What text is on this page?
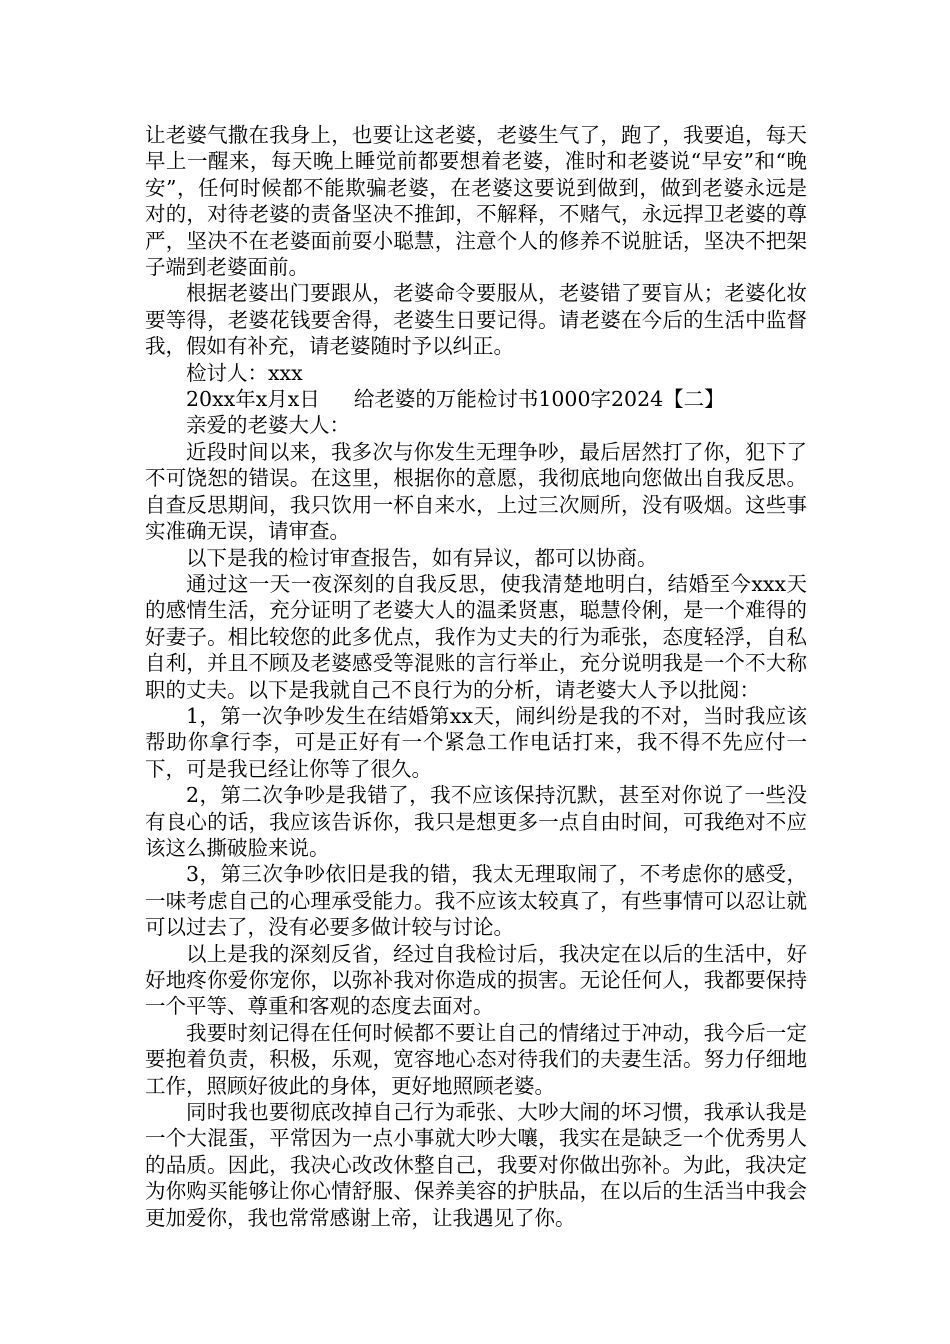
让老婆气撒在我身上，也要让这老婆，老婆生气了，跑了，我要追，每天早上一醒来，每天晚上睡觉前都要想着老婆，准时和老婆说“早安”和“晚安”，任何时候都不能欺骗老婆，在老婆这要说到做到，做到老婆永远是对的，对待老婆的责备坚决不推卸，不解释，不赌气，永远捍卫老婆的尊严，坚决不在老婆面前耍小聪慧，注意个人的修养不说脏话，坚决不把架子端到老婆面前。

根据老婆出门要跟从，老婆命令要服从，老婆错了要盲从；老婆化妆要等得，老婆花钱要舍得，老婆生日要记得。请老婆在今后的生活中监督我，假如有补充，请老婆随时予以纠正。

检讨人：xxx

20xx年x月x日 给老婆的万能检讨书1000字2024【二】

亲爱的老婆大人：

近段时间以来，我多次与你发生无理争吵，最后居然打了你，犯下了不可饶恕的错误。在这里，根据你的意愿，我彻底地向您做出自我反思。自查反思期间，我只饮用一杯自来水，上过三次厕所，没有吸烟。这些事实准确无误，请审查。

以下是我的检讨审查报告，如有异议，都可以协商。

通过这一天一夜深刻的自我反思，使我清楚地明白，结婚至今xxx天的感情生活，充分证明了老婆大人的温柔贤惠，聪慧伶俐，是一个难得的好妻子。相比较您的此多优点，我作为丈夫的行为乖张，态度轻浮，自私自利，并且不顾及老婆感受等混账的言行举止，充分说明我是一个不大称职的丈夫。以下是我就自己不良行为的分析，请老婆大人予以批阅：

1，第一次争吵发生在结婚第xx天，闹纠纷是我的不对，当时我应该帮助你拿行李，可是正好有一个紧急工作电话打来，我不得不先应付一下，可是我已经让你等了很久。

2，第二次争吵是我错了，我不应该保持沉默，甚至对你说了一些没有良心的话，我应该告诉你，我只是想更多一点自由时间，可我绝对不应该这么撕破脸来说。

3，第三次争吵依旧是我的错，我太无理取闹了，不考虑你的感受，一味考虑自己的心理承受能力。我不应该太较真了，有些事情可以忍让就可以过去了，没有必要多做计较与讨论。

以上是我的深刻反省，经过自我检讨后，我决定在以后的生活中，好好地疼你爱你宠你，以弥补我对你造成的损害。无论任何人，我都要保持一个平等、尊重和客观的态度去面对。

我要时刻记得在任何时候都不要让自己的情绪过于冲动，我今后一定要抱着负责，积极，乐观，宽容地心态对待我们的夫妻生活。努力仔细地工作，照顾好彼此的身体，更好地照顾老婆。

同时我也要彻底改掉自己行为乖张、大吵大闹的坏习惯，我承认我是一个大混蛋，平常因为一点小事就大吵大嚷，我实在是缺乏一个优秀男人的品质。因此，我决心改改休整自己，我要对你做出弥补。为此，我决定为你购买能够让你心情舒服、保养美容的护肤品，在以后的生活当中我会更加爱你，我也常常感谢上帝，让我遇见了你。
